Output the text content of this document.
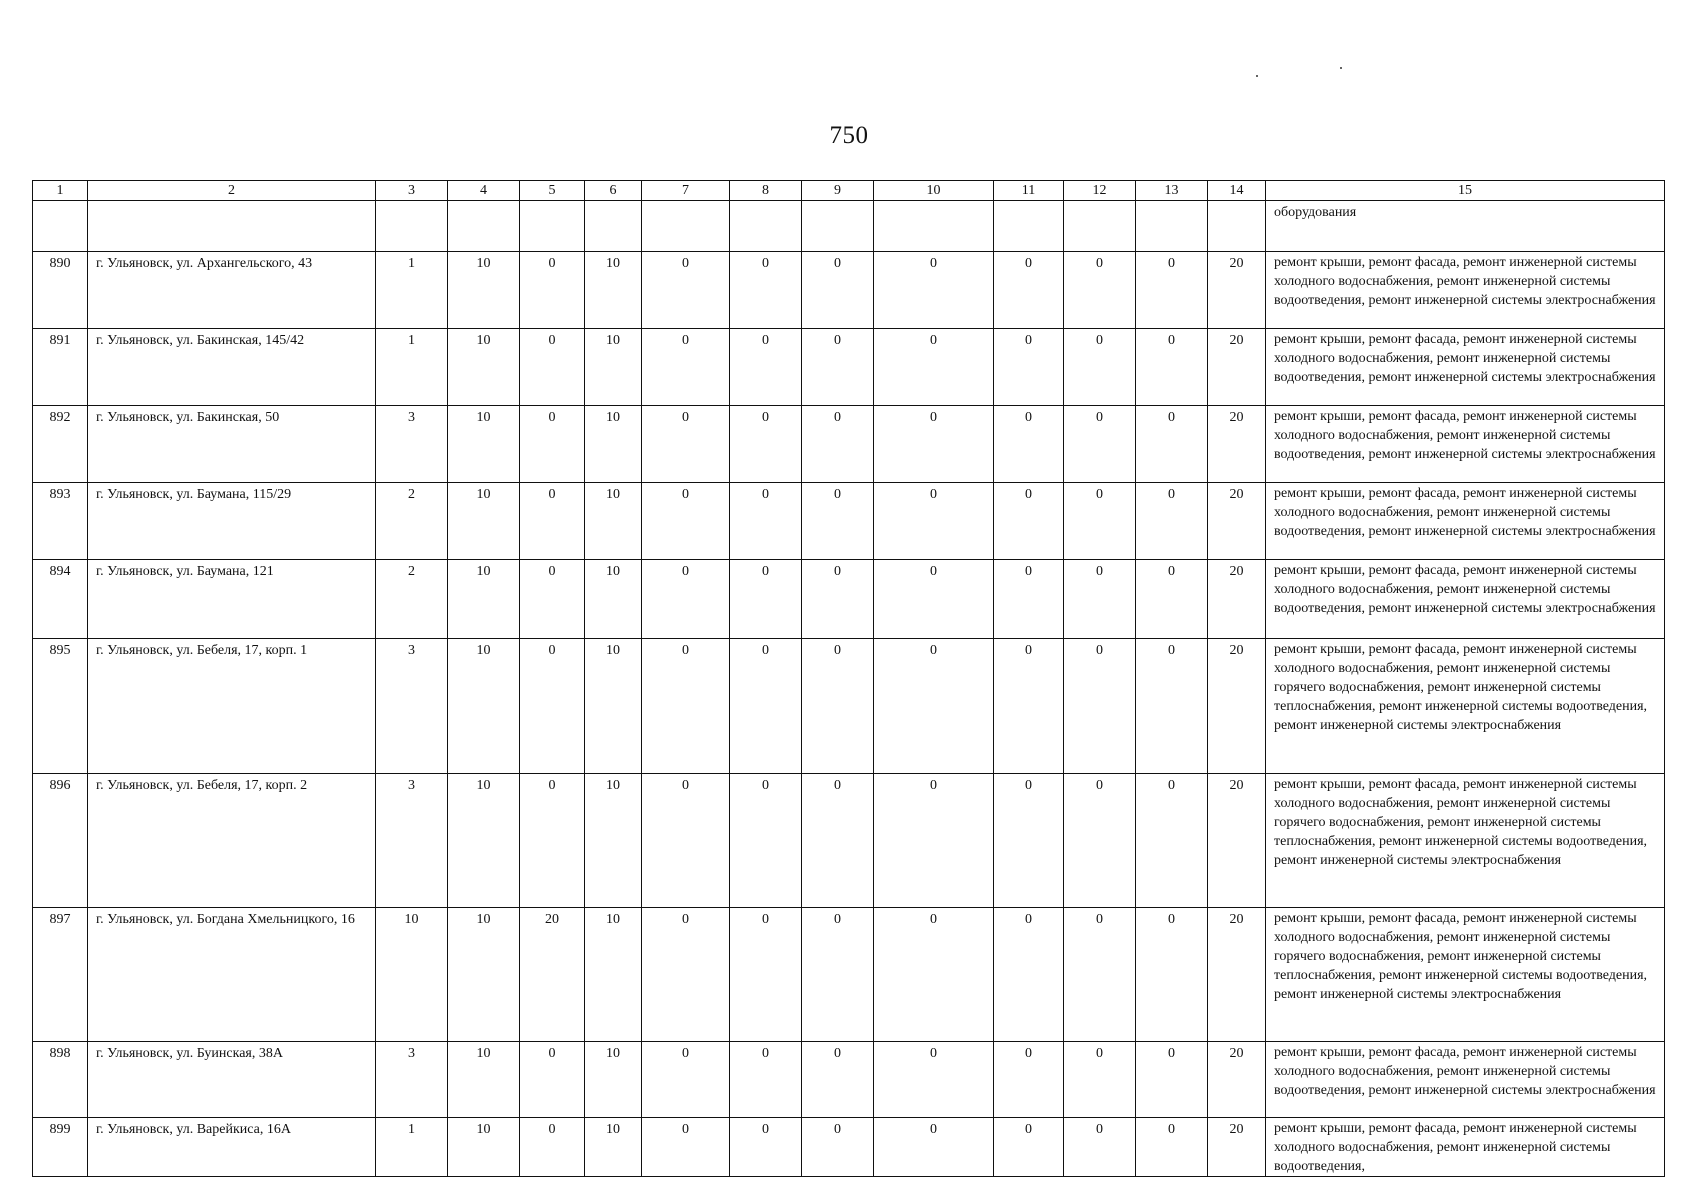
750
1	2	3	4	5	6	7	8	9	10	11	12	13	14	15
														оборудования
890	г. Ульяновск, ул. Архангельского, 43	1	10	0	10	0	0	0	0	0	0	0	20	ремонт крыши, ремонт фасада, ремонт инженерной системы холодного водоснабжения, ремонт инженерной системы водоотведения, ремонт инженерной системы электроснабжения
891	г. Ульяновск, ул. Бакинская, 145/42	1	10	0	10	0	0	0	0	0	0	0	20	ремонт крыши, ремонт фасада, ремонт инженерной системы холодного водоснабжения, ремонт инженерной системы водоотведения, ремонт инженерной системы электроснабжения
892	г. Ульяновск, ул. Бакинская, 50	3	10	0	10	0	0	0	0	0	0	0	20	ремонт крыши, ремонт фасада, ремонт инженерной системы холодного водоснабжения, ремонт инженерной системы водоотведения, ремонт инженерной системы электроснабжения
893	г. Ульяновск, ул. Баумана, 115/29	2	10	0	10	0	0	0	0	0	0	0	20	ремонт крыши, ремонт фасада, ремонт инженерной системы холодного водоснабжения, ремонт инженерной системы водоотведения, ремонт инженерной системы электроснабжения
894	г. Ульяновск, ул. Баумана, 121	2	10	0	10	0	0	0	0	0	0	0	20	ремонт крыши, ремонт фасада, ремонт инженерной системы холодного водоснабжения, ремонт инженерной системы водоотведения, ремонт инженерной системы электроснабжения
895	г. Ульяновск, ул. Бебеля, 17, корп. 1	3	10	0	10	0	0	0	0	0	0	0	20	ремонт крыши, ремонт фасада, ремонт инженерной системы холодного водоснабжения, ремонт инженерной системы горячего водоснабжения, ремонт инженерной системы теплоснабжения, ремонт инженерной системы водоотведения, ремонт инженерной системы электроснабжения
896	г. Ульяновск, ул. Бебеля, 17, корп. 2	3	10	0	10	0	0	0	0	0	0	0	20	ремонт крыши, ремонт фасада, ремонт инженерной системы холодного водоснабжения, ремонт инженерной системы горячего водоснабжения, ремонт инженерной системы теплоснабжения, ремонт инженерной системы водоотведения, ремонт инженерной системы электроснабжения
897	г. Ульяновск, ул. Богдана Хмельницкого, 16	10	10	20	10	0	0	0	0	0	0	0	20	ремонт крыши, ремонт фасада, ремонт инженерной системы холодного водоснабжения, ремонт инженерной системы горячего водоснабжения, ремонт инженерной системы теплоснабжения, ремонт инженерной системы водоотведения, ремонт инженерной системы электроснабжения
898	г. Ульяновск, ул. Буинская, 38А	3	10	0	10	0	0	0	0	0	0	0	20	ремонт крыши, ремонт фасада, ремонт инженерной системы холодного водоснабжения, ремонт инженерной системы водоотведения, ремонт инженерной системы электроснабжения
899	г. Ульяновск, ул. Варейкиса, 16А	1	10	0	10	0	0	0	0	0	0	0	20	ремонт крыши, ремонт фасада, ремонт инженерной системы холодного водоснабжения, ремонт инженерной системы водоотведения,
